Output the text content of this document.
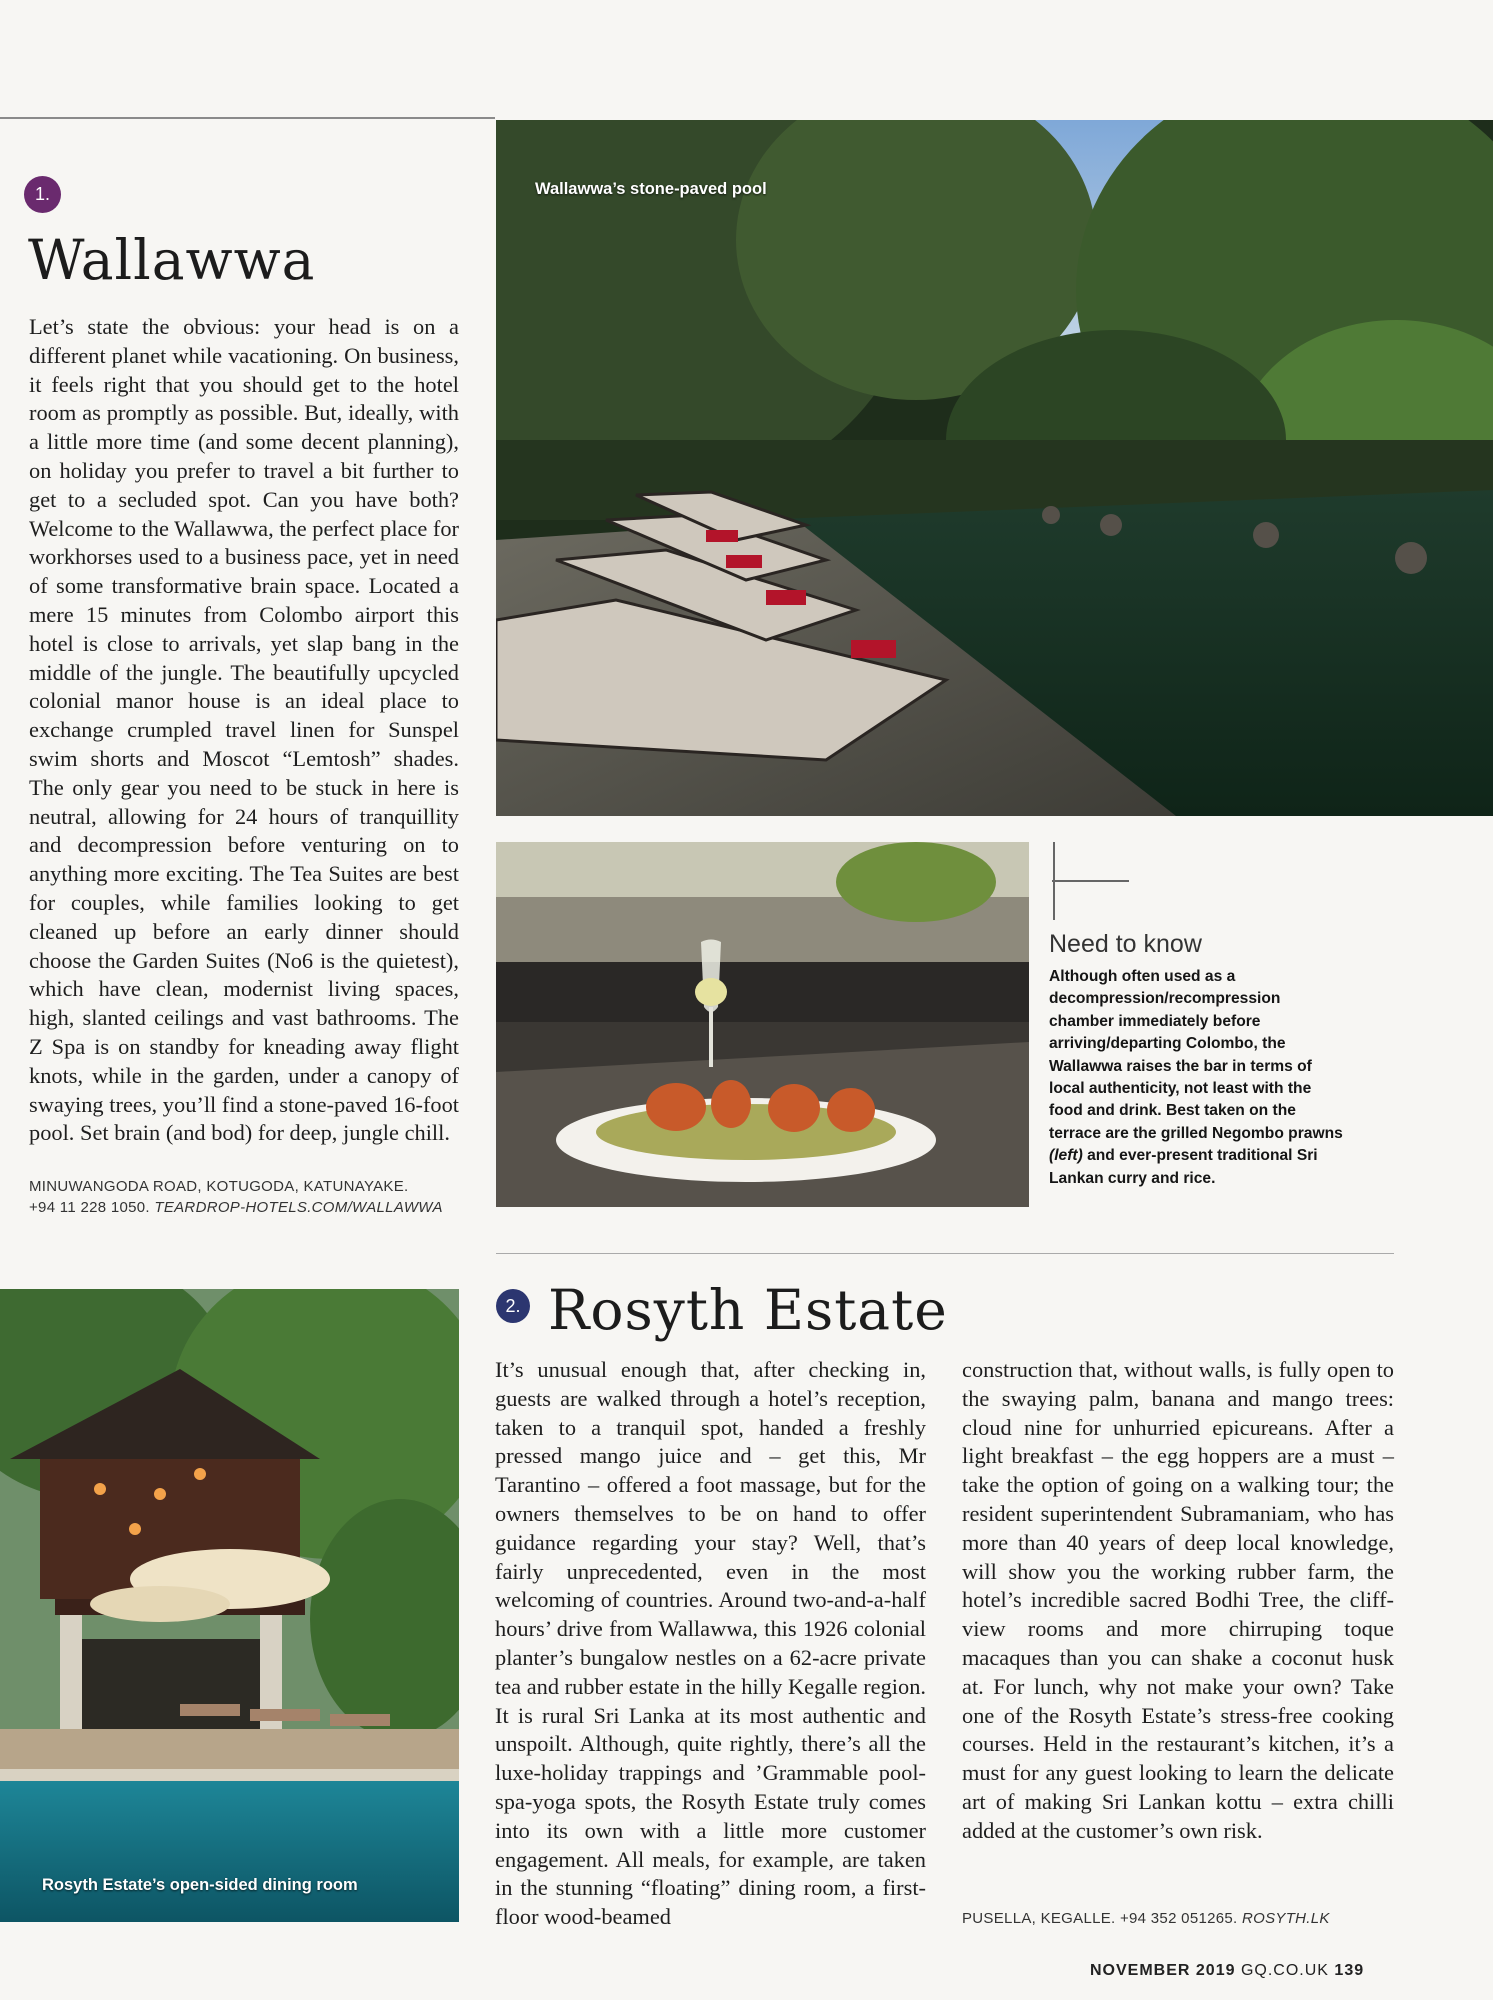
1.
Wallawwa

Let’s state the obvious: your head is on a different planet while vacationing. On business, it feels right that you should get to the hotel room as promptly as possible. But, ideally, with a little more time (and some decent planning), on holiday you prefer to travel a bit further to get to a secluded spot. Can you have both? Welcome to the Wallawwa, the perfect place for workhorses used to a business pace, yet in need of some transformative brain space. Located a mere 15 minutes from Colombo airport this hotel is close to arrivals, yet slap bang in the middle of the jungle. The beautifully upcycled colonial manor house is an ideal place to exchange crumpled travel linen for Sunspel swim shorts and Moscot “Lemtosh” shades. The only gear you need to be stuck in here is neutral, allowing for 24 hours of tranquillity and decompression before venturing on to anything more exciting. The Tea Suites are best for couples, while families looking to get cleaned up before an early dinner should choose the Garden Suites (No6 is the quietest), which have clean, modernist living spaces, high, slanted ceilings and vast bathrooms. The Z Spa is on standby for kneading away flight knots, while in the garden, under a canopy of swaying trees, you’ll find a stone-paved 16-foot pool. Set brain (and bod) for deep, jungle chill.

MINUWANGODA ROAD, KOTUGODA, KATUNAYAKE.
+94 11 228 1050. TEARDROP-HOTELS.COM/WALLAWWA

Wallawwa’s stone-paved pool
Need to know

Although often used as a decompression/recompression chamber immediately before arriving/departing Colombo, the Wallawwa raises the bar in terms of local authenticity, not least with the food and drink. Best taken on the terrace are the grilled Negombo prawns (left) and ever-present traditional Sri Lankan curry and rice.

Rosyth Estate’s open-sided dining room
2. Rosyth Estate

It’s unusual enough that, after checking in, guests are walked through a hotel’s reception, taken to a tranquil spot, handed a freshly pressed mango juice and – get this, Mr Tarantino – offered a foot massage, but for the owners themselves to be on hand to offer guidance regarding your stay? Well, that’s fairly unprecedented, even in the most welcoming of countries. Around two-and-a-half hours’ drive from Wallawwa, this 1926 colonial planter’s bungalow nestles on a 62-acre private tea and rubber estate in the hilly Kegalle region. It is rural Sri Lanka at its most authentic and unspoilt. Although, quite rightly, there’s all the luxe-holiday trappings and ’Grammable pool-spa-yoga spots, the Rosyth Estate truly comes into its own with a little more customer engagement. All meals, for example, are taken in the stunning “floating” dining room, a first-floor wood-beamed

construction that, without walls, is fully open to the swaying palm, banana and mango trees: cloud nine for unhurried epicureans. After a light breakfast – the egg hoppers are a must – take the option of going on a walking tour; the resident superintendent Subramaniam, who has more than 40 years of deep local knowledge, will show you the working rubber farm, the hotel’s incredible sacred Bodhi Tree, the cliff-view rooms and more chirruping toque macaques than you can shake a coconut husk at. For lunch, why not make your own? Take one of the Rosyth Estate’s stress-free cooking courses. Held in the restaurant’s kitchen, it’s a must for any guest looking to learn the delicate art of making Sri Lankan kottu – extra chilli added at the customer’s own risk.

PUSELLA, KEGALLE. +94 352 051265. ROSYTH.LK

NOVEMBER 2019 GQ.CO.UK 139
